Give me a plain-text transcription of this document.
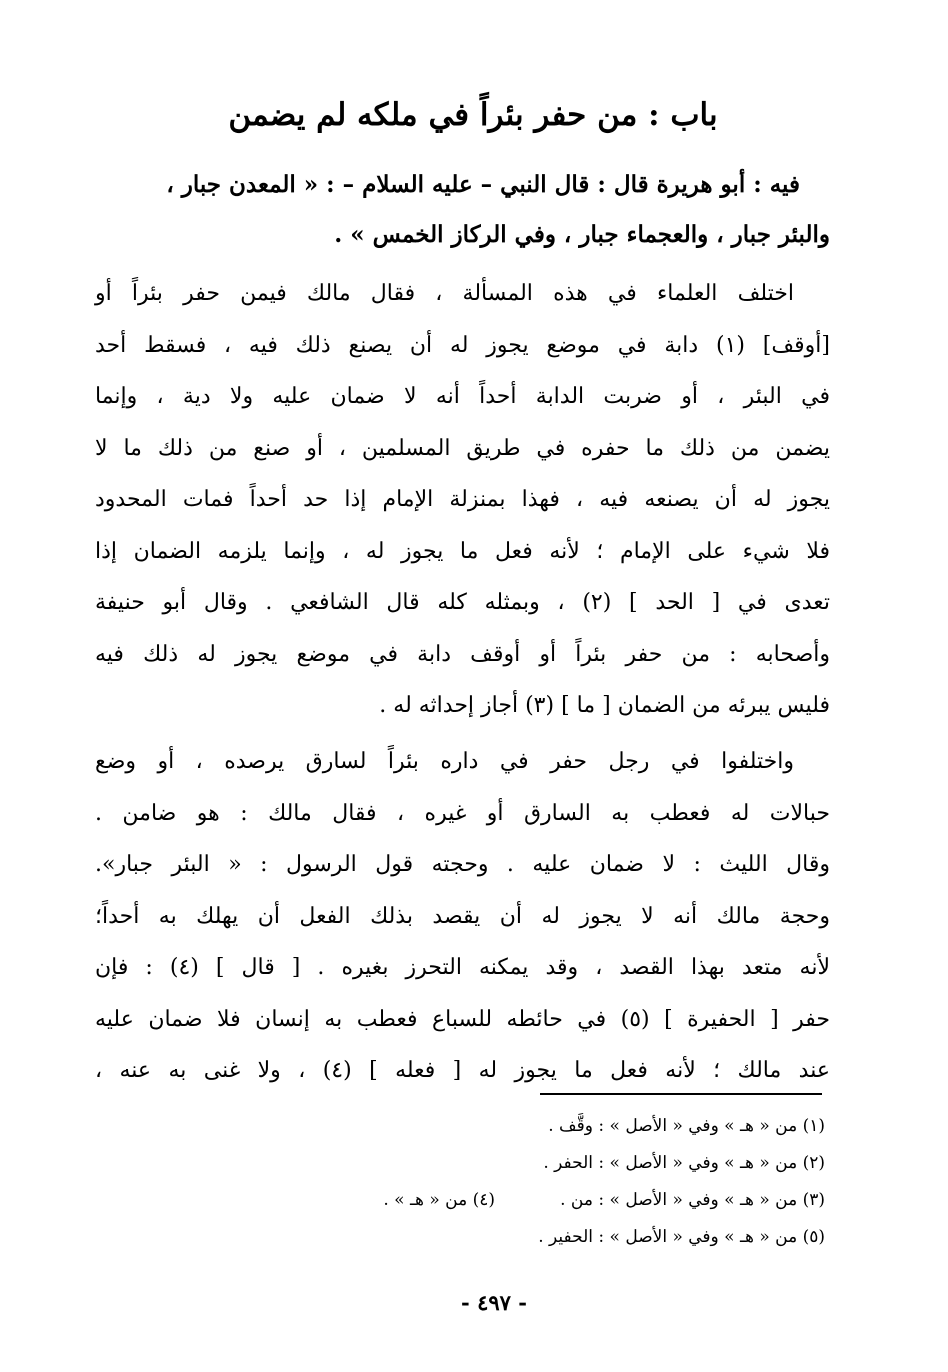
باب : من حفر بئراً في ملكه لم يضمن
فيه : أبو هريرة قال : قال النبي – عليه السلام – : « المعدن جبار ،
والبئر جبار ، والعجماء جبار ، وفي الركاز الخمس » .
اختلف العلماء في هذه المسألة ، فقال مالك فيمن حفر بئراً أو
[أوقف] (١) دابة في موضع يجوز له أن يصنع ذلك فيه ، فسقط أحد
في البئر ، أو ضربت الدابة أحداً أنه لا ضمان عليه ولا دية ، وإنما
يضمن من ذلك ما حفره في طريق المسلمين ، أو صنع من ذلك ما لا
يجوز له أن يصنعه فيه ، فهذا بمنزلة الإمام إذا حد أحداً فمات المحدود
فلا شيء على الإمام ؛ لأنه فعل ما يجوز له ، وإنما يلزمه الضمان إذا
تعدى في [ الحد ] (٢) ، وبمثله كله قال الشافعي . وقال أبو حنيفة
وأصحابه : من حفر بئراً أو أوقف دابة في موضع يجوز له ذلك فيه
فليس يبرئه من الضمان [ ما ] (٣) أجاز إحداثه له .
واختلفوا في رجل حفر في داره بئراً لسارق يرصده ، أو وضع
حبالات له فعطب به السارق أو غيره ، فقال مالك : هو ضامن .
وقال الليث : لا ضمان عليه . وحجته قول الرسول : « البئر جبار».
وحجة مالك أنه لا يجوز له أن يقصد بذلك الفعل أن يهلك به أحداً؛
لأنه متعد بهذا القصد ، وقد يمكنه التحرز بغيره . [ قال ] (٤) : فإن
حفر [ الحفيرة ] (٥) في حائطه للسباع فعطب به إنسان فلا ضمان عليه
عند مالك ؛ لأنه فعل ما يجوز له [ فعله ] (٤) ، ولا غنى به عنه ،
(١) من « هـ » وفي « الأصل » : وقَّف .
(٢) من « هـ » وفي « الأصل » : الحفر .
(٣) من « هـ » وفي « الأصل » : من .
(٤) من « هـ » .
(٥) من « هـ » وفي « الأصل » : الحفير .
- ٤٩٧ -
